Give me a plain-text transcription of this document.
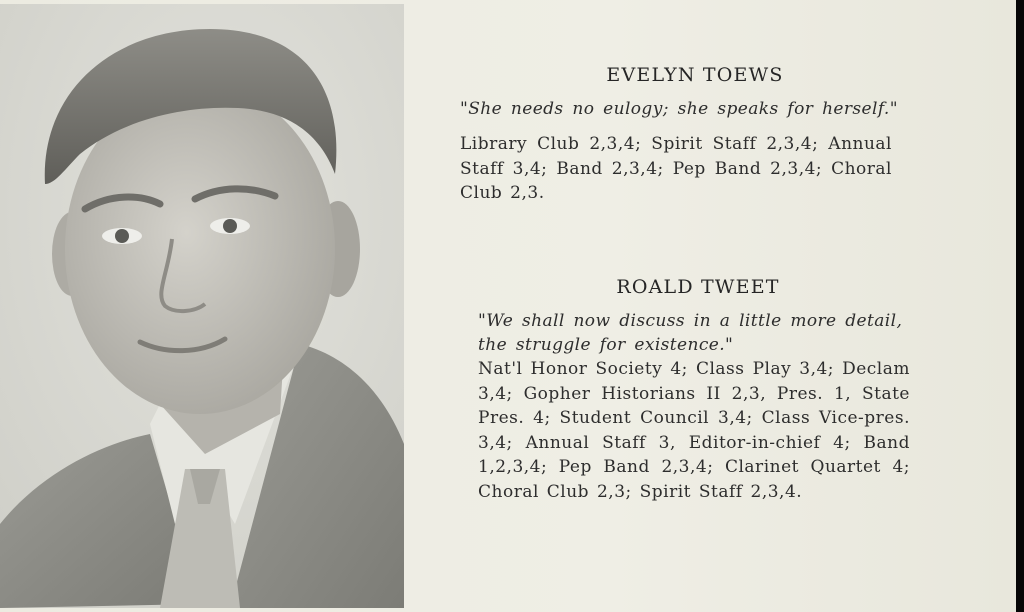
EVELYN TOEWS
"She needs no eulogy; she speaks for herself."
Library Club 2,3,4; Spirit Staff 2,3,4; Annual Staff 3,4; Band 2,3,4; Pep Band 2,3,4; Choral Club 2,3.
ROALD TWEET
"We shall now discuss in a little more detail, the struggle for existence."
Nat'l Honor Society 4; Class Play 3,4; Declam 3,4; Gopher Historians II 2,3, Pres. 1, State Pres. 4; Student Council 3,4; Class Vice-pres. 3,4; Annual Staff 3, Editor-in-chief 4; Band 1,2,3,4; Pep Band 2,3,4; Clarinet Quartet 4; Choral Club 2,3; Spirit Staff 2,3,4.
